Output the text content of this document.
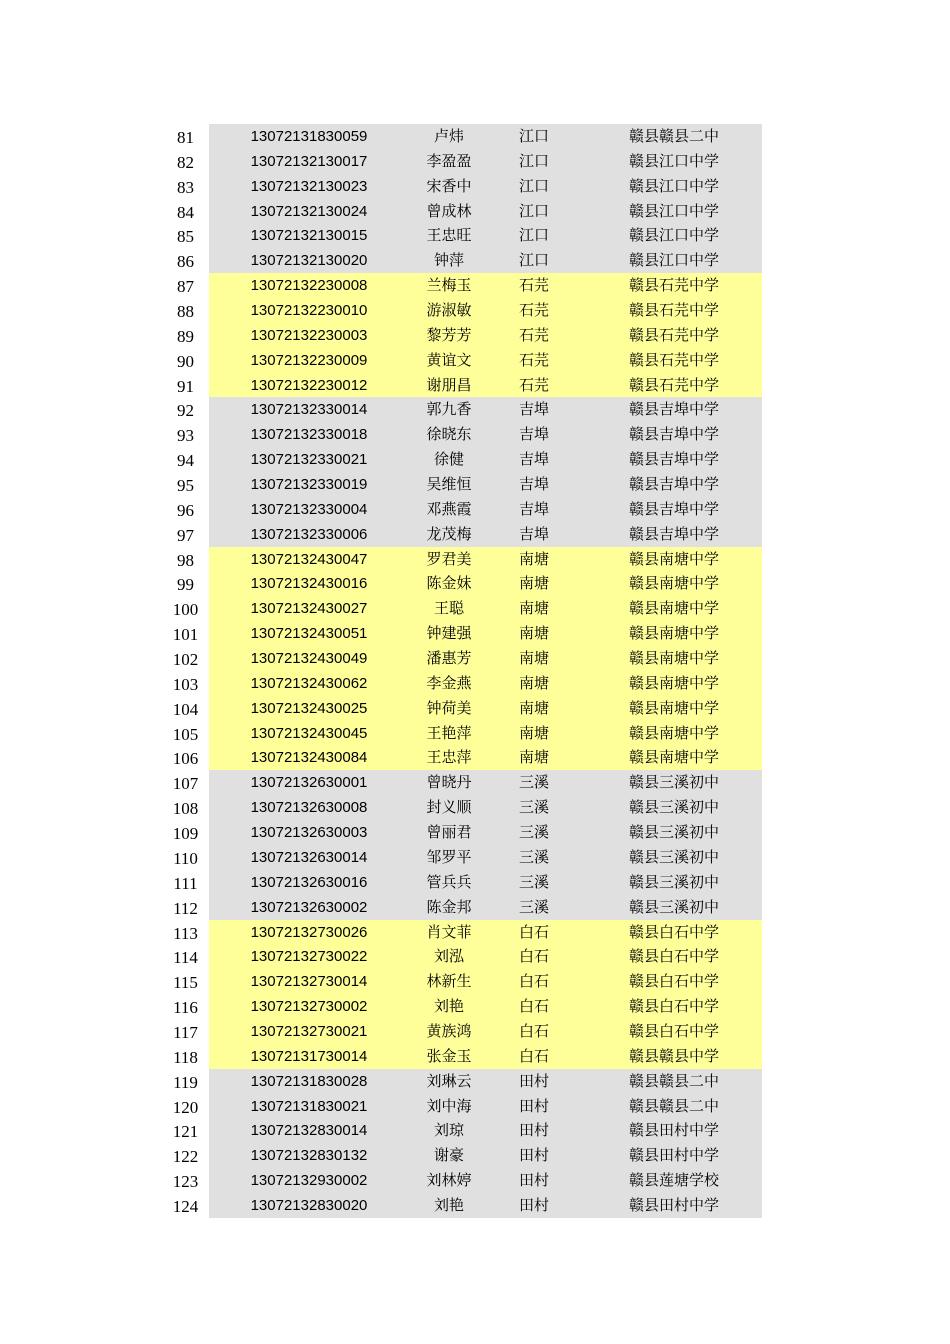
81	13072131830059	卢炜	江口	赣县赣县二中
82	13072132130017	李盈盈	江口	赣县江口中学
83	13072132130023	宋香中	江口	赣县江口中学
84	13072132130024	曾成林	江口	赣县江口中学
85	13072132130015	王忠旺	江口	赣县江口中学
86	13072132130020	钟萍	江口	赣县江口中学
87	13072132230008	兰梅玉	石芫	赣县石芫中学
88	13072132230010	游淑敏	石芫	赣县石芫中学
89	13072132230003	黎芳芳	石芫	赣县石芫中学
90	13072132230009	黄谊文	石芫	赣县石芫中学
91	13072132230012	谢朋昌	石芫	赣县石芫中学
92	13072132330014	郭九香	吉埠	赣县吉埠中学
93	13072132330018	徐晓东	吉埠	赣县吉埠中学
94	13072132330021	徐健	吉埠	赣县吉埠中学
95	13072132330019	吴维恒	吉埠	赣县吉埠中学
96	13072132330004	邓燕霞	吉埠	赣县吉埠中学
97	13072132330006	龙茂梅	吉埠	赣县吉埠中学
98	13072132430047	罗君美	南塘	赣县南塘中学
99	13072132430016	陈金妹	南塘	赣县南塘中学
100	13072132430027	王聪	南塘	赣县南塘中学
101	13072132430051	钟建强	南塘	赣县南塘中学
102	13072132430049	潘惠芳	南塘	赣县南塘中学
103	13072132430062	李金燕	南塘	赣县南塘中学
104	13072132430025	钟荷美	南塘	赣县南塘中学
105	13072132430045	王艳萍	南塘	赣县南塘中学
106	13072132430084	王忠萍	南塘	赣县南塘中学
107	13072132630001	曾晓丹	三溪	赣县三溪初中
108	13072132630008	封义顺	三溪	赣县三溪初中
109	13072132630003	曾丽君	三溪	赣县三溪初中
110	13072132630014	邹罗平	三溪	赣县三溪初中
111	13072132630016	管兵兵	三溪	赣县三溪初中
112	13072132630002	陈金邦	三溪	赣县三溪初中
113	13072132730026	肖文菲	白石	赣县白石中学
114	13072132730022	刘泓	白石	赣县白石中学
115	13072132730014	林新生	白石	赣县白石中学
116	13072132730002	刘艳	白石	赣县白石中学
117	13072132730021	黄族鸿	白石	赣县白石中学
118	13072131730014	张金玉	白石	赣县赣县中学
119	13072131830028	刘琳云	田村	赣县赣县二中
120	13072131830021	刘中海	田村	赣县赣县二中
121	13072132830014	刘琼	田村	赣县田村中学
122	13072132830132	谢豪	田村	赣县田村中学
123	13072132930002	刘林婷	田村	赣县莲塘学校
124	13072132830020	刘艳	田村	赣县田村中学
